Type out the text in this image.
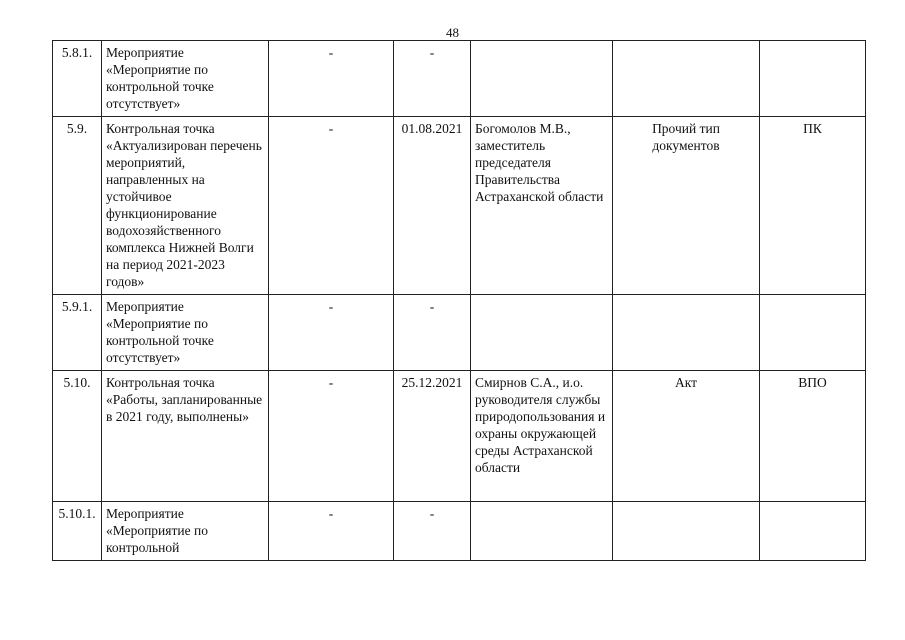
48
5.8.1.	Мероприятие «Мероприятие по контрольной точке отсутствует»	-	-			
5.9.	Контрольная точка «Актуализирован перечень мероприятий, направленных на устойчивое функционирование водохозяйственного комплекса Нижней Волги на период 2021-2023 годов»	-	01.08.2021	Богомолов М.В., заместитель председателя Правительства Астраханской области	Прочий тип документов	ПК
5.9.1.	Мероприятие «Мероприятие по контрольной точке отсутствует»	-	-			
5.10.	Контрольная точка «Работы, запланированные в 2021 году, выполнены»	-	25.12.2021	Смирнов С.А., и.о. руководителя службы природопользования и охраны окружающей среды Астраханской области	Акт	ВПО
5.10.1.	Мероприятие «Мероприятие по контрольной	-	-			
